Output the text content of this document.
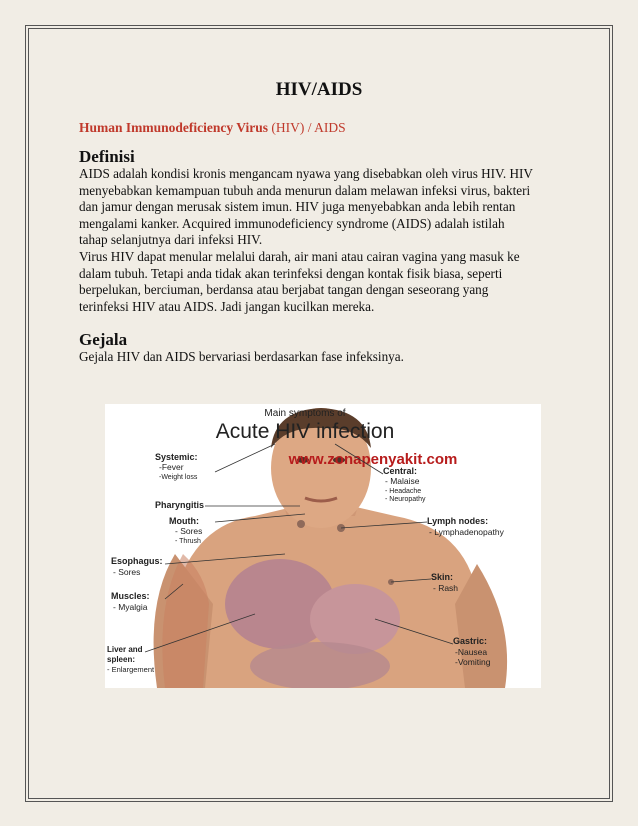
HIV/AIDS
Human Immunodeficiency Virus (HIV) / AIDS
Definisi
AIDS adalah kondisi kronis mengancam nyawa yang disebabkan oleh virus HIV. HIV
menyebabkan kemampuan tubuh anda menurun dalam melawan infeksi virus, bakteri
dan jamur dengan merusak sistem imun. HIV juga menyebabkan anda lebih rentan
mengalami kanker. Acquired immunodeficiency syndrome (AIDS) adalah istilah
tahap selanjutnya dari infeksi HIV.
Virus HIV dapat menular melalui darah, air mani atau cairan vagina yang masuk ke
dalam tubuh. Tetapi anda tidak akan terinfeksi dengan kontak fisik biasa, seperti
berpelukan, berciuman, berdansa atau berjabat tangan dengan seseorang yang
terinfeksi HIV atau AIDS. Jadi jangan kucilkan mereka.
Gejala
Gejala HIV dan AIDS bervariasi berdasarkan fase infeksinya.
Main symptoms of
Acute HIV infection
www.zonapenyakit.com
Systemic:
-Fever
-Weight loss
Central:
- Malaise
- Headache
- Neuropathy
Pharyngitis
Mouth:
- Sores
- Thrush
Lymph nodes:
- Lymphadenopathy
Esophagus:
- Sores	Skin:
- Rash
Muscles:
- Myalgia
Liver and
spleen:
- Enlargement
Gastric:
-Nausea
-Vomiting
